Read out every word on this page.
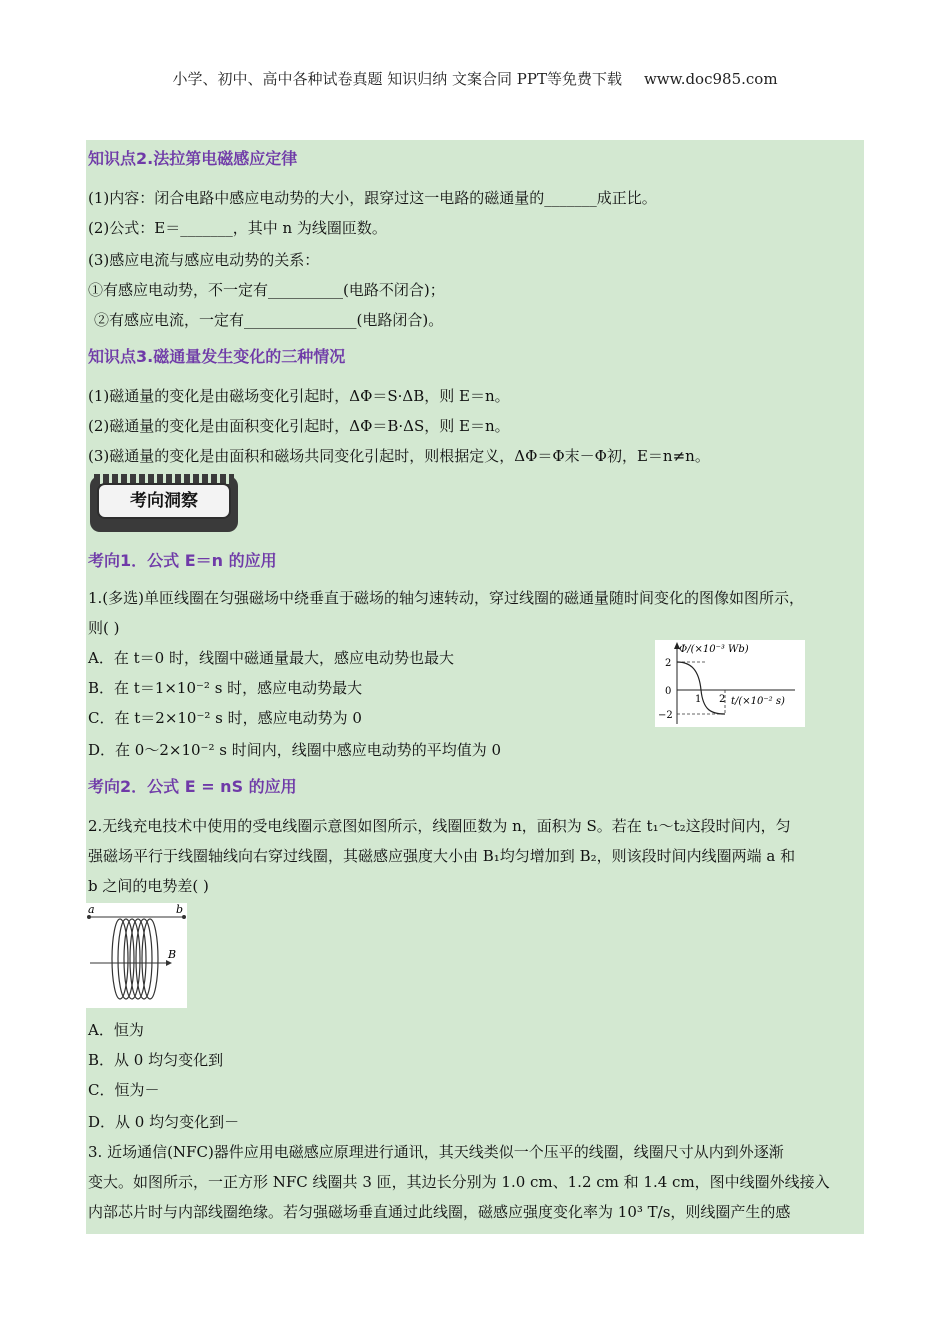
小学、初中、高中各种试卷真题 知识归纳 文案合同 PPT等免费下载 www.doc985.com
知识点2.法拉第电磁感应定律
(1)内容：闭合电路中感应电动势的大小，跟穿过这一电路的磁通量的_______成正比。
(2)公式：E＝_______，其中 n 为线圈匝数。
(3)感应电流与感应电动势的关系：
①有感应电动势，不一定有__________(电路不闭合)；
②有感应电流，一定有_______________(电路闭合)。
知识点3.磁通量发生变化的三种情况
(1)磁通量的变化是由磁场变化引起时，ΔΦ＝S·ΔB，则 E＝n。
(2)磁通量的变化是由面积变化引起时，ΔΦ＝B·ΔS，则 E＝n。
(3)磁通量的变化是由面积和磁场共同变化引起时，则根据定义，ΔΦ＝Φ末－Φ初，E＝n≠n。
考向洞察
考向1．公式 E＝n 的应用
1.(多选)单匝线圈在匀强磁场中绕垂直于磁场的轴匀速转动，穿过线圈的磁通量随时间变化的图像如图所示，
则( )
A．在 t＝0 时，线圈中磁通量最大，感应电动势也最大
B．在 t＝1×10⁻² s 时，感应电动势最大
C．在 t＝2×10⁻² s 时，感应电动势为 0
D．在 0～2×10⁻² s 时间内，线圈中感应电动势的平均值为 0
Φ/(×10⁻³ Wb)
2
0
−2
1 2 t/(×10⁻² s)
考向2．公式 E = nS 的应用
2.无线充电技术中使用的受电线圈示意图如图所示，线圈匝数为 n，面积为 S。若在 t₁～t₂这段时间内，匀
强磁场平行于线圈轴线向右穿过线圈，其磁感应强度大小由 B₁均匀增加到 B₂，则该段时间内线圈两端 a 和
b 之间的电势差( )
a	b
B
A．恒为
B．从 0 均匀变化到
C．恒为－
D．从 0 均匀变化到－
3. 近场通信(NFC)器件应用电磁感应原理进行通讯，其天线类似一个压平的线圈，线圈尺寸从内到外逐渐
变大。如图所示，一正方形 NFC 线圈共 3 匝，其边长分别为 1.0 cm、1.2 cm 和 1.4 cm，图中线圈外线接入
内部芯片时与内部线圈绝缘。若匀强磁场垂直通过此线圈，磁感应强度变化率为 10³ T/s，则线圈产生的感
